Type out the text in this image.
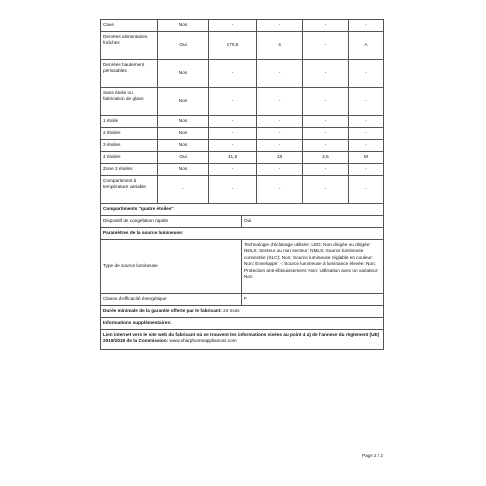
Cave	Non	-	-	-	-
Denrées alimentaires fraîches	Oui	170,5	4	-	A
Denrées hautement périssables	Non	-	-	-	-
Sans étoile ou fabrication de glace	Non	-	-	-	-
1 étoile	Non	-	-	-	-
2 étoiles	Non	-	-	-	-
3 étoiles	Non	-	-	-	-
4 étoiles	Oui	41,5	18	2,6	M
Zone 2 étoiles	Non	-	-	-	-
Compartiment à température variable	-	-	-	-	-
Compartiments "quatre étoiles"	
Dispositif de congélation rapide	Oui
Paramètres de la source lumineuse:	
Type de source lumineuse	Technologie d'éclairage utilisée: LED; Non-dirigée ou dirigée: NDLS; Secteur ou non secteur: NMLS; Source lumineuse connectée (SLC): Non; Source lumineuse réglable en couleur: Non; Enveloppe: -; Source lumineuse à luminance élevée: Non; Protection anti-éblouissement: Non; Utilisation avec un variateur: Non
Classe d'efficacité énergétique	F
Durée minimale de la garantie offerte par le fabricant: 24 mois	
Informations supplémentaires:	
Lien internet vers le site web du fabricant où se trouvent les informations visées au point 4 a) de l'annexe du règlement (UE) 2019/2019 de la Commission: www.sharphomeappliances.com	
Page 2 / 2
